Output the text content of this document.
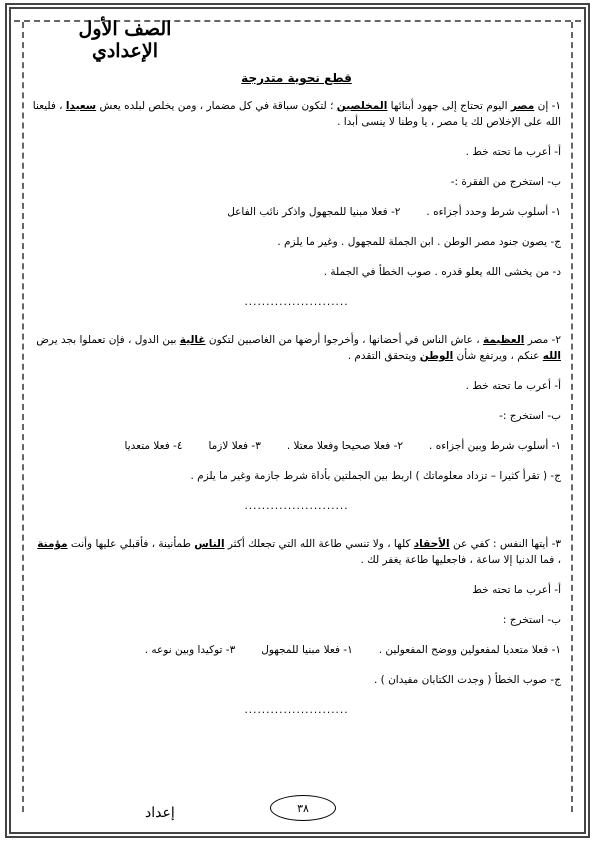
الصف الأول الإعدادي
قطع نحوية متدرجة

١- إن مصر اليوم تحتاج إلى جهود أبنائها المخلصين ؛ لتكون سباقة في كل مضمار ، ومن يخلص لبلده يعش سعيدا ، فليعنا الله على الإخلاص لك يا مصر ، يا وطنا لا ينسى أبدا .

أ- أعرب ما تحته خط .

ب- استخرج من الفقرة :-

١- أسلوب شرط وحدد أجزاءه .
٢- فعلا مبنيا للمجهول واذكر نائب الفاعل

ج- يصون جنود مصر الوطن . ابن الجملة للمجهول . وغير ما يلزم .

د- من يخشى الله يعلو قدره . صوب الخطأ في الجملة .

........................

٢- مصر العظيمة ، عاش الناس في أحضانها ، وأخرجوا أرضها من الغاصبين لتكون غالية بين الدول ، فإن تعملوا بجد يرض الله عنكم ، ويرتفع شأن الوطن ويتحقق التقدم .

أ- أعرب ما تحته خط .

ب- استخرج :-

١- أسلوب شرط وبين أجزاءه .
٢- فعلا صحيحا وفعلا معتلا .
٣- فعلا لازما
٤- فعلا متعديا

ج- ( تقرأ كثيرا – تزداد معلوماتك ) اربط بين الجملتين بأداة شرط جازمة وغير ما يلزم .

........................

٣- أيتها النفس : كفي عن الأحقاد كلها ، ولا تنسي طاعة الله التي تجعلك أكثر الناس طمأنينة ، فأقبلي عليها وأنت مؤمنة ، فما الدنيا إلا ساعة ، فاجعليها طاعة يغفر لك .

أ- أعرب ما تحته خط

ب- استخرج :

١- فعلا متعديا لمفعولين ووضح المفعولين .
١- فعلا مبنيا للمجهول
٣- توكيدا وبين نوعه .

ج- صوب الخطأ ( وجدت الكتابان مفيدان ) .

........................
٣٨
إعداد
